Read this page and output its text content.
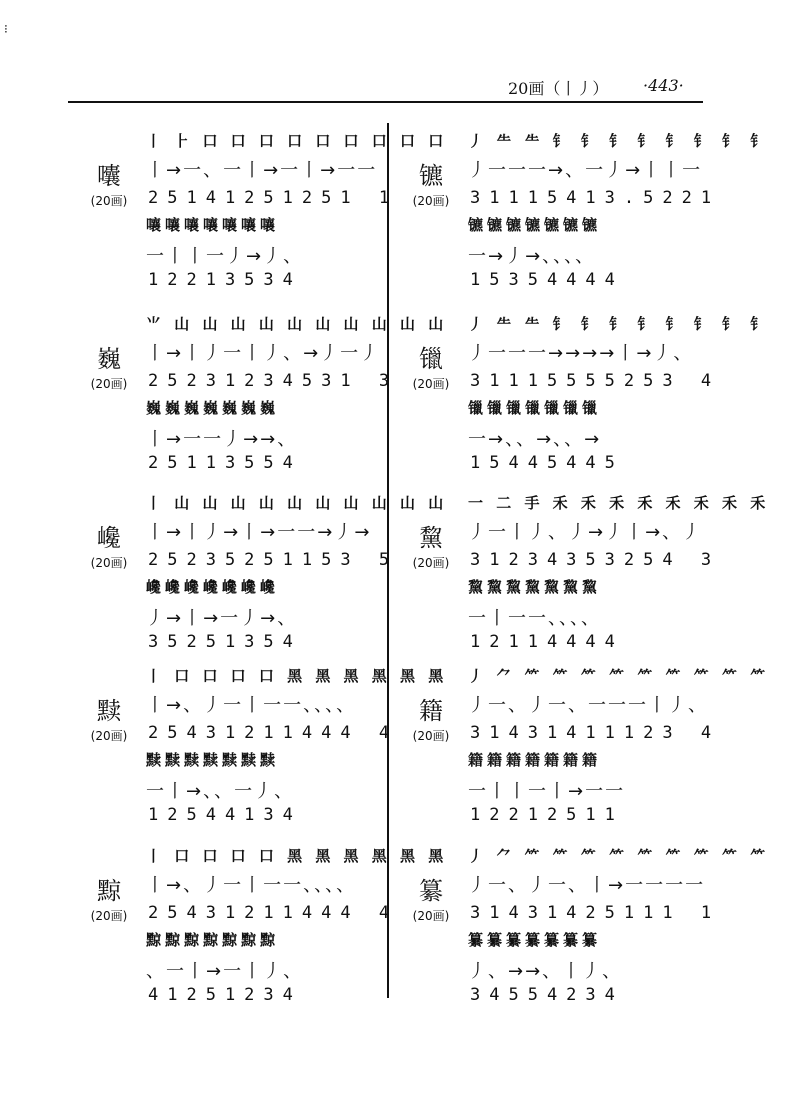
⁝
20画（丨丿） ·443·
囔
(20画)
丨 ⺊ ⼝ ⼝ ⼝ ⼝ ⼝ ⼝ ⼝ ⼝ ⼝
丨→一、一丨→一丨→一一
25141251251 1
嚷嚷嚷嚷嚷嚷嚷
一丨丨一丿→丿、
12213534
巍
(20画)
⺌ ⼭ ⼭ ⼭ ⼭ ⼭ ⼭ ⼭ ⼭ ⼭ ⼭
丨→丨丿一丨丿、→丿一丿
25231234531 3
巍巍巍巍巍巍巍
丨→一一丿→→、
25113554
巉
(20画)
丨 ⼭ ⼭ ⼭ ⼭ ⼭ ⼭ ⼭ ⼭ ⼭ ⼭
丨→丨丿→丨→一一→丿→
25235251153 5
巉巉巉巉巉巉巉
丿→丨→一丿→、
35251354
黩
(20画)
丨 ⼝ ⼝ ⼝ ⼝ ⿊ ⿊ ⿊ ⿊ ⿊ ⿊
丨→、丿一丨一一、、、、
25431211444 4
黩黩黩黩黩黩黩
一丨→、、一丿、
12544134
黥
(20画)
丨 ⼝ ⼝ ⼝ ⼝ ⿊ ⿊ ⿊ ⿊ ⿊ ⿊
丨→、丿一丨一一、、、、
25431211444 4
黥黥黥黥黥黥黥
、一丨→一丨丿、
41251234
镳
(20画)
丿 ⺧ ⺧ ⻐ ⻐ ⻐ ⻐ ⻐ ⻐ ⻐ ⻐
丿一一一→、一丿→丨丨一
31115413.5221
镳镳镳镳镳镳镳
一→丿→、、、、
15354444
镴
(20画)
丿 ⺧ ⺧ ⻐ ⻐ ⻐ ⻐ ⻐ ⻐ ⻐ ⻐
丿一一一→→→→丨→丿、
31115555253 4
镴镴镴镴镴镴镴
一→、、→、、→
15445445
黧
(20画)
一 ⼆ ⼿ ⽲ ⽲ ⽲ ⽲ ⽲ ⽲ ⽲ ⽲
丿一丨丿、丿→丿丨→、丿
31234353254 3
黧黧黧黧黧黧黧
一丨一一、、、、
12114444
籍
(20画)
丿 ⺈ ⺮ ⺮ ⺮ ⺮ ⺮ ⺮ ⺮ ⺮ ⺮
丿一、丿一、一一一丨丿、
31431411123 4
籍籍籍籍籍籍籍
一丨丨一丨→一一
12212511
纂
(20画)
丿 ⺈ ⺮ ⺮ ⺮ ⺮ ⺮ ⺮ ⺮ ⺮ ⺮
丿一、丿一、丨→一一一一
31431425111 1
纂纂纂纂纂纂纂
丿、→→、丨丿、
34554234
